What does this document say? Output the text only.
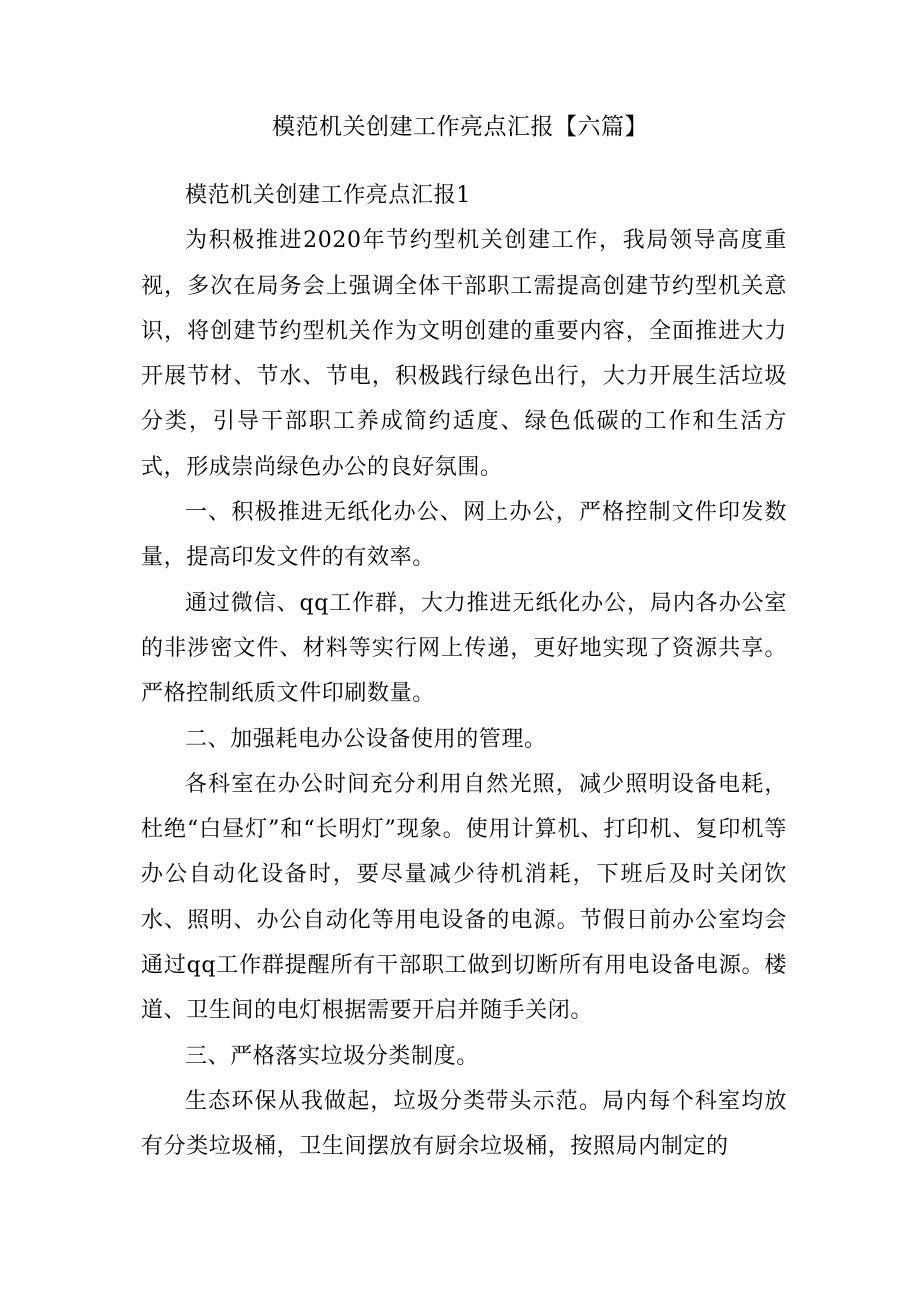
模范机关创建工作亮点汇报【六篇】

模范机关创建工作亮点汇报1

为积极推进2020年节约型机关创建工作，我局领导高度重视，多次在局务会上强调全体干部职工需提高创建节约型机关意识，将创建节约型机关作为文明创建的重要内容，全面推进大力开展节材、节水、节电，积极践行绿色出行，大力开展生活垃圾分类，引导干部职工养成简约适度、绿色低碳的工作和生活方式，形成崇尚绿色办公的良好氛围。

一、积极推进无纸化办公、网上办公，严格控制文件印发数量，提高印发文件的有效率。

通过微信、qq工作群，大力推进无纸化办公，局内各办公室的非涉密文件、材料等实行网上传递，更好地实现了资源共享。严格控制纸质文件印刷数量。

二、加强耗电办公设备使用的管理。

各科室在办公时间充分利用自然光照，减少照明设备电耗，杜绝“白昼灯”和“长明灯”现象。使用计算机、打印机、复印机等办公自动化设备时，要尽量减少待机消耗，下班后及时关闭饮水、照明、办公自动化等用电设备的电源。节假日前办公室均会通过qq工作群提醒所有干部职工做到切断所有用电设备电源。楼道、卫生间的电灯根据需要开启并随手关闭。

三、严格落实垃圾分类制度。

生态环保从我做起，垃圾分类带头示范。局内每个科室均放有分类垃圾桶，卫生间摆放有厨余垃圾桶，按照局内制定的
